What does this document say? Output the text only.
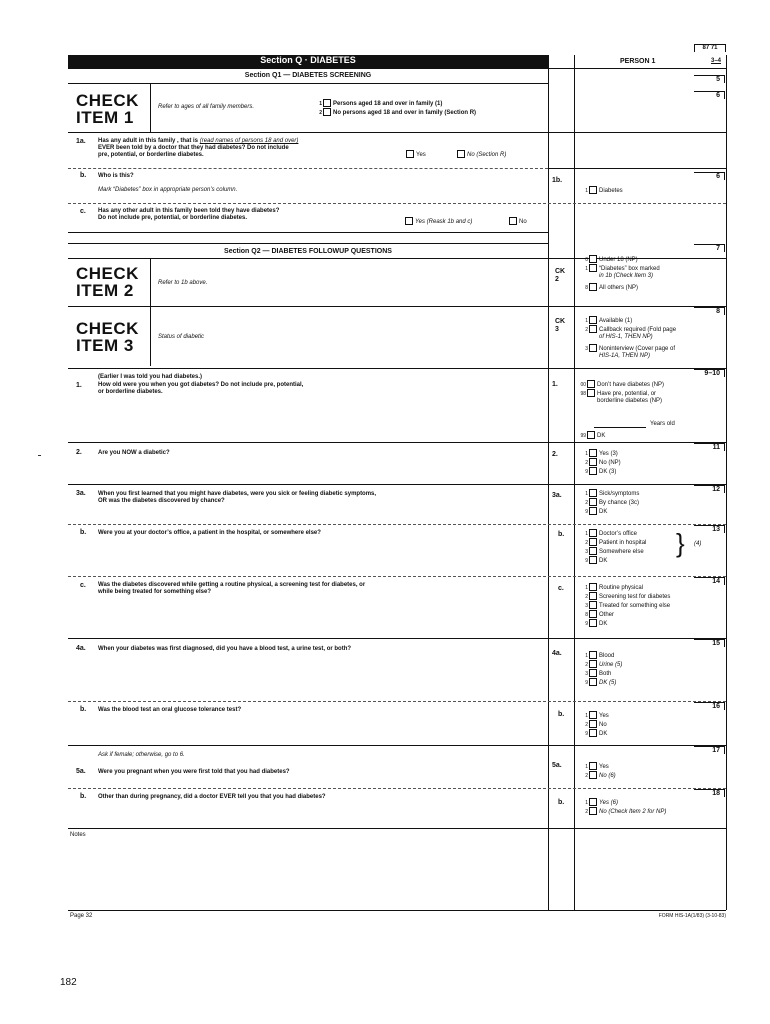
87 71
3–4
Section Q · DIABETES	PERSON 1
Section Q1 — DIABETES SCREENING
CHECK
ITEM 1
Refer to ages of all family members.	1 Persons aged 18 and over in family (1)
2 No persons aged 18 and over in family (Section R)
5
6
1a. Has any adult in this family , that is (read names of persons 18 and over)
EVER been told by a doctor that they had diabetes? Do not include
pre, potential, or borderline diabetes.	Yes	No (Section R)
b. Who is this?
Mark “Diabetes” box in appropriate person’s column.
1b.
6
1 Diabetes
c. Has any other adult in this family been told they have diabetes?
Do not include pre, potential, or borderline diabetes.
Yes (Reask 1b and c)	No
Section Q2 — DIABETES FOLLOWUP QUESTIONS	7
CHECK
ITEM 2	Refer to 1b above.
CK
2
0 Under 18 (NP)
1 “Diabetes” box marked
in 1b (Check Item 3)
8 All others (NP)
8
CHECK
ITEM 3	Status of diabetic
CK
3
1 Available (1)
2 Callback required (Fold page
of HIS-1, THEN NP)
3 Noninterview (Cover page of
HIS-1A, THEN NP)
9–10
(Earlier I was told you had diabetes.)
1.	How old were you when you got diabetes? Do not include pre, potential,
or borderline diabetes.
1.	00 Don’t have diabetes (NP)
98 Have pre, potential, or
borderline diabetes (NP)
Years old
99 DK
11
2.	Are you NOW a diabetic?	2.	1 Yes (3)
2 No (NP)
9 DK (3)
12
3a. When you first learned that you might have diabetes, were you sick or feeling diabetic symptoms,
OR was the diabetes discovered by chance?
3a.	1 Sick/symptoms
2 By chance (3c)
9 DK
13
b. Were you at your doctor’s office, a patient in the hospital, or somewhere else?	b.	1 Doctor’s office
2 Patient in hospital
3 Somewhere else
9 DK
} (4)
14
c. Was the diabetes discovered while getting a routine physical, a screening test for diabetes, or
while being treated for something else?	c.	1 Routine physical
2 Screening test for diabetes
3 Treated for something else
8 Other
9 DK
15
4a. When your diabetes was first diagnosed, did you have a blood test, a urine test, or both?
4a.	1 Blood
2 Urine (5)
3 Both
9 DK (5)
16
b. Was the blood test an oral glucose tolerance test?
b.	1 Yes
2 No
9 DK
17
Ask if female; otherwise, go to 6.
5a. Were you pregnant when you were first told that you had diabetes?
5a.	1 Yes
2 No (6)
18
b. Other than during pregnancy, did a doctor EVER tell you that you had diabetes?
b.	1 Yes (6)
2 No (Check Item 2 for NP)
Notes
Page 32	FORM HIS-1A(1/83) (3-10-83)
182
